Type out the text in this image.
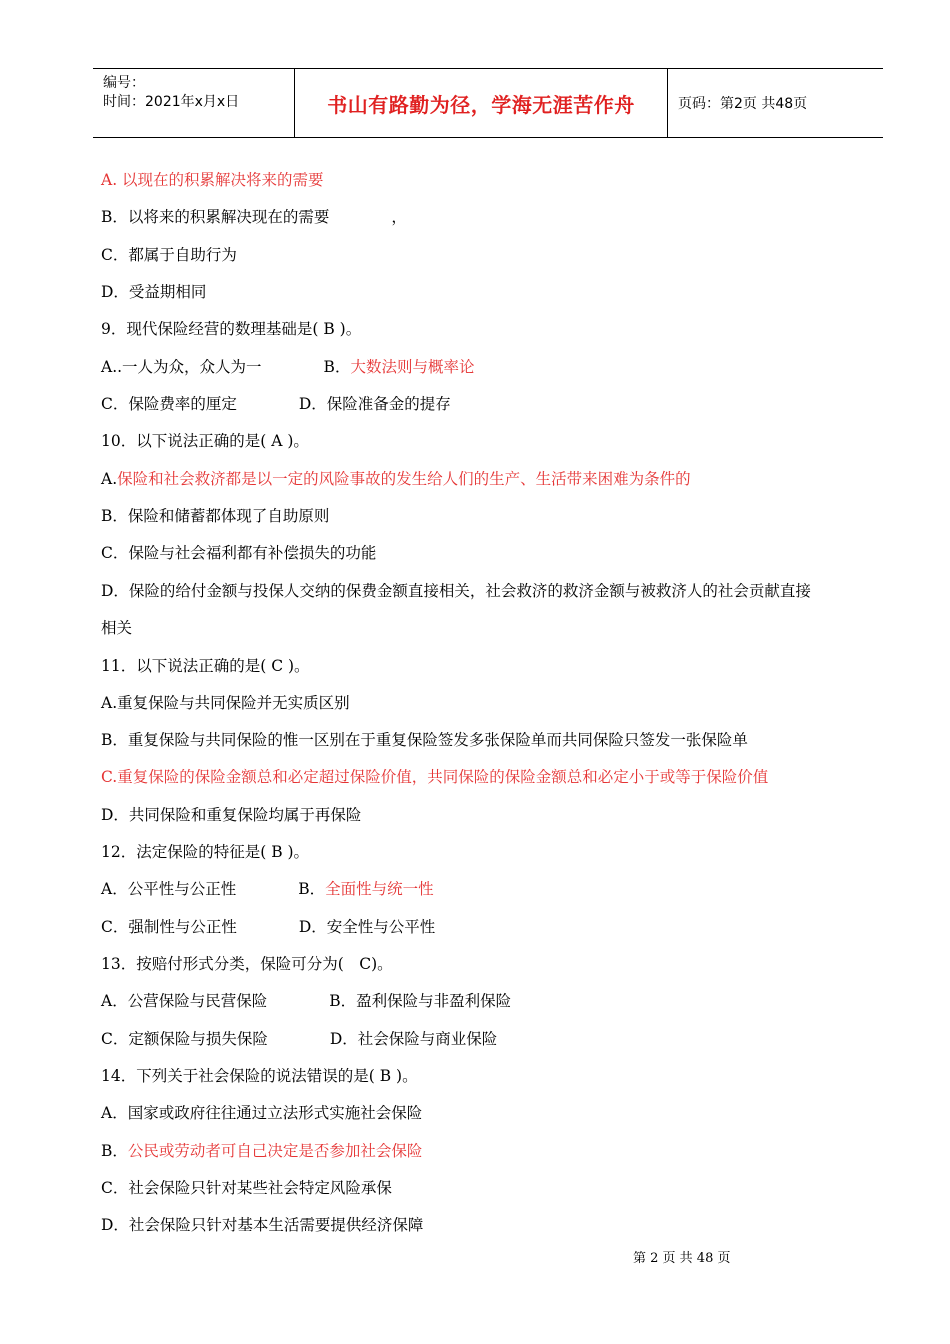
编号：
时间：2021年x月x日	书山有路勤为径，学海无涯苦作舟	页码：第2页 共48页
A. 以现在的积累解决将来的需要
B．以将来的积累解决现在的需要　　　　，
C．都属于自助行为
D．受益期相同
9．现代保险经营的数理基础是( B )。
A..一人为众，众人为一　　　　B．大数法则与概率论
C．保险费率的厘定　　　　D．保险准备金的提存
10．以下说法正确的是( A )。
A.保险和社会救济都是以一定的风险事故的发生给人们的生产、生活带来困难为条件的
B．保险和储蓄都体现了自助原则
C．保险与社会福利都有补偿损失的功能
D．保险的给付金额与投保人交纳的保费金额直接相关，社会救济的救济金额与被救济人的社会贡献直接
相关
11．以下说法正确的是( C )。
A.重复保险与共同保险并无实质区别
B．重复保险与共同保险的惟一区别在于重复保险签发多张保险单而共同保险只签发一张保险单
C.重复保险的保险金额总和必定超过保险价值，共同保险的保险金额总和必定小于或等于保险价值
D．共同保险和重复保险均属于再保险
12．法定保险的特征是( B )。
A．公平性与公正性　　　　B．全面性与统一性
C．强制性与公正性　　　　D．安全性与公平性
13．按赔付形式分类，保险可分为(　C)。
A．公营保险与民营保险　　　　B．盈利保险与非盈利保险
C．定额保险与损失保险　　　　D．社会保险与商业保险
14．下列关于社会保险的说法错误的是( B )。
A．国家或政府往往通过立法形式实施社会保险
B．公民或劳动者可自己决定是否参加社会保险
C．社会保险只针对某些社会特定风险承保
D．社会保险只针对基本生活需要提供经济保障
第 2 页 共 48 页
